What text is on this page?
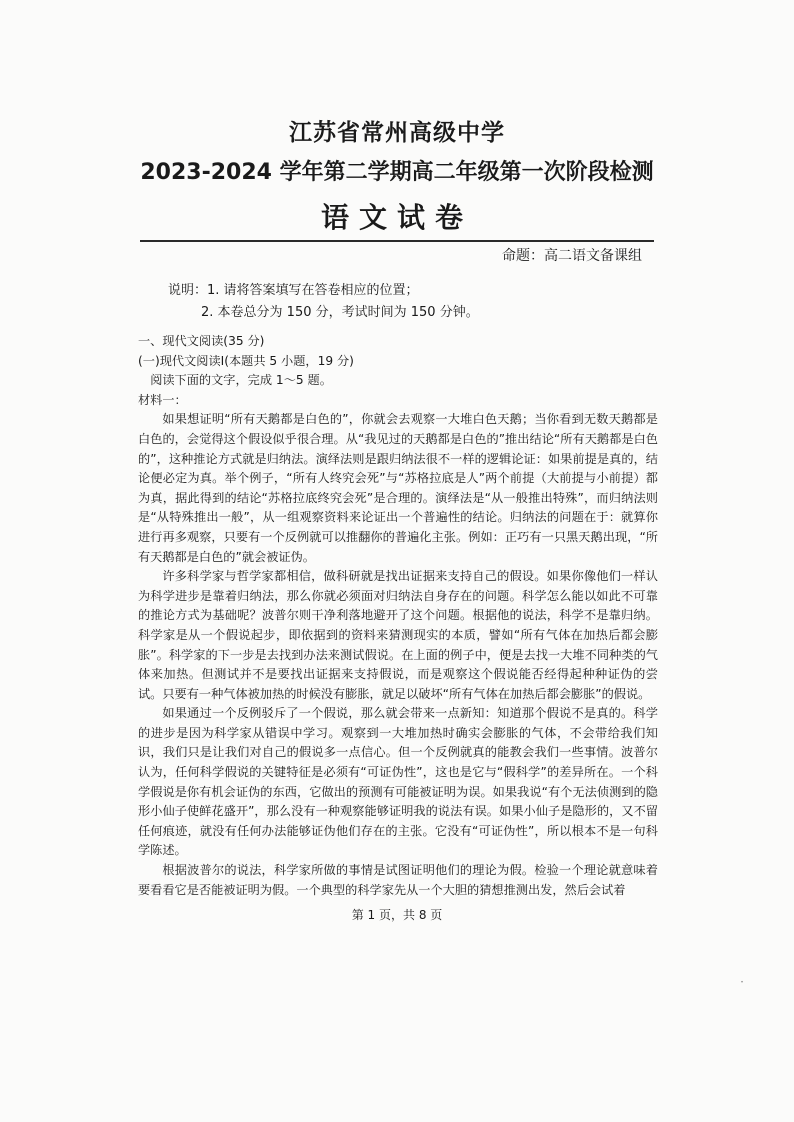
江苏省常州高级中学
2023-2024 学年第二学期高二年级第一次阶段检测
语文试卷
命题：高二语文备课组
说明：1. 请将答案填写在答卷相应的位置；
2. 本卷总分为 150 分，考试时间为 150 分钟。

一、现代文阅读(35 分)

(一)现代文阅读Ⅰ(本题共 5 小题，19 分)

阅读下面的文字，完成 1～5 题。

材料一：

如果想证明“所有天鹅都是白色的”，你就会去观察一大堆白色天鹅；当你看到无数天鹅都是白色的，会觉得这个假设似乎很合理。从“我见过的天鹅都是白色的”推出结论“所有天鹅都是白色的”，这种推论方式就是归纳法。演绎法则是跟归纳法很不一样的逻辑论证：如果前提是真的，结论便必定为真。举个例子，“所有人终究会死”与“苏格拉底是人”两个前提（大前提与小前提）都为真，据此得到的结论“苏格拉底终究会死”是合理的。演绎法是“从一般推出特殊”，而归纳法则是“从特殊推出一般”，从一组观察资料来论证出一个普遍性的结论。归纳法的问题在于：就算你进行再多观察，只要有一个反例就可以推翻你的普遍化主张。例如：正巧有一只黑天鹅出现，“所有天鹅都是白色的”就会被证伪。

许多科学家与哲学家都相信，做科研就是找出证据来支持自己的假设。如果你像他们一样认为科学进步是靠着归纳法，那么你就必须面对归纳法自身存在的问题。科学怎么能以如此不可靠的推论方式为基础呢？波普尔则干净利落地避开了这个问题。根据他的说法，科学不是靠归纳。科学家是从一个假说起步，即依据到的资料来猜测现实的本质，譬如“所有气体在加热后都会膨胀”。科学家的下一步是去找到办法来测试假说。在上面的例子中，便是去找一大堆不同种类的气体来加热。但测试并不是要找出证据来支持假说，而是观察这个假说能否经得起种种证伪的尝试。只要有一种气体被加热的时候没有膨胀，就足以破坏“所有气体在加热后都会膨胀”的假说。

如果通过一个反例驳斥了一个假说，那么就会带来一点新知：知道那个假说不是真的。科学的进步是因为科学家从错误中学习。观察到一大堆加热时确实会膨胀的气体，不会带给我们知识，我们只是让我们对自己的假说多一点信心。但一个反例就真的能教会我们一些事情。波普尔认为，任何科学假说的关键特征是必须有“可证伪性”，这也是它与“假科学”的差异所在。一个科学假说是你有机会证伪的东西，它做出的预测有可能被证明为误。如果我说“有个无法侦测到的隐形小仙子使鲜花盛开”，那么没有一种观察能够证明我的说法有误。如果小仙子是隐形的，又不留任何痕迹，就没有任何办法能够证伪他们存在的主张。它没有“可证伪性”，所以根本不是一句科学陈述。

根据波普尔的说法，科学家所做的事情是试图证明他们的理论为假。检验一个理论就意味着要看看它是否能被证明为假。一个典型的科学家先从一个大胆的猜想推测出发，然后会试着

第 1 页，共 8 页
·
